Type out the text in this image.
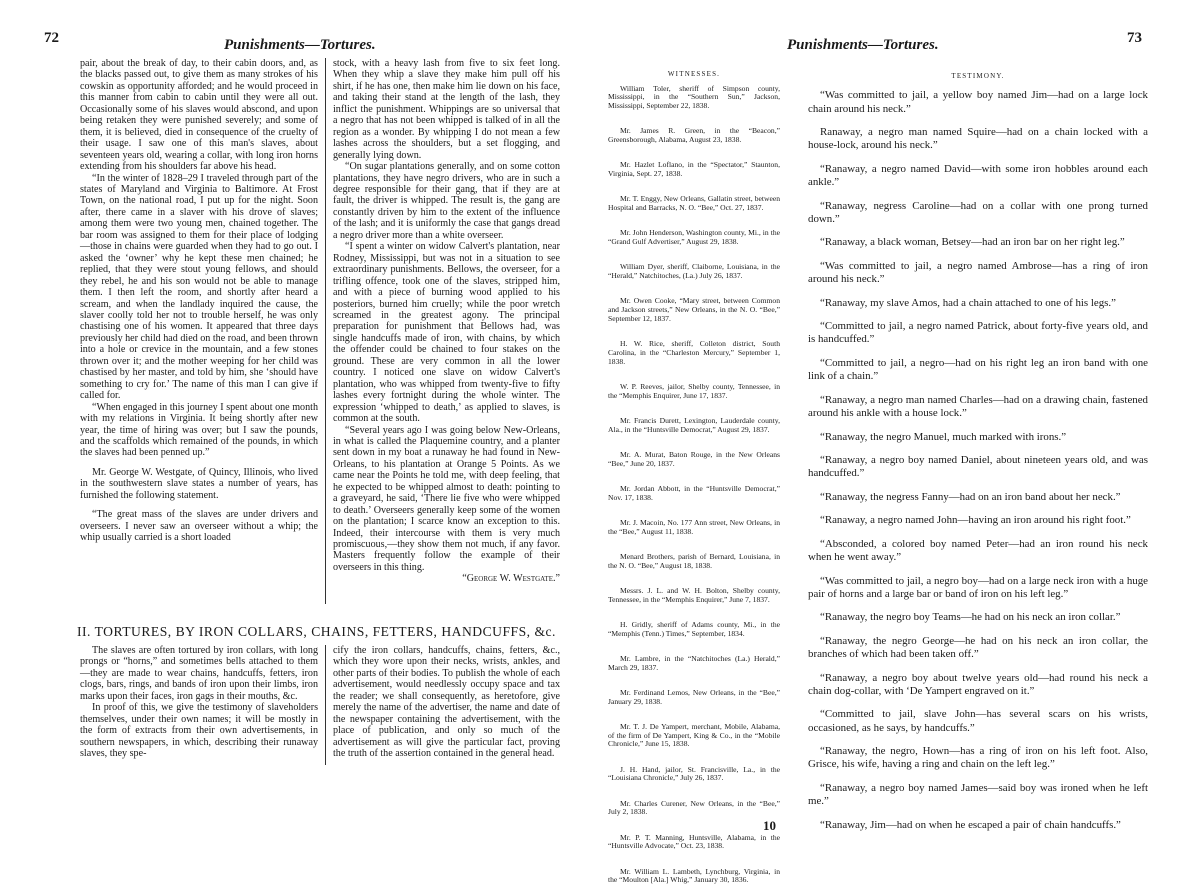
72	Punishments—Tortures.

pair, about the break of day, to their cabin doors, and, as the blacks passed out, to give them as many strokes of his cowskin as opportunity afforded; and he would proceed in this manner from cabin to cabin until they were all out. Occasionally some of his slaves would abscond, and upon being retaken they were punished severely; and some of them, it is believed, died in consequence of the cruelty of their usage. I saw one of this man's slaves, about seventeen years old, wearing a collar, with long iron horns extending from his shoulders far above his head.

“In the winter of 1828–29 I traveled through part of the states of Maryland and Virginia to Baltimore. At Frost Town, on the national road, I put up for the night. Soon after, there came in a slaver with his drove of slaves; among them were two young men, chained together. The bar room was assigned to them for their place of lodging—those in chains were guarded when they had to go out. I asked the ‘owner’ why he kept these men chained; he replied, that they were stout young fellows, and should they rebel, he and his son would not be able to manage them. I then left the room, and shortly after heard a scream, and when the landlady inquired the cause, the slaver coolly told her not to trouble herself, he was only chastising one of his women. It appeared that three days previously her child had died on the road, and been thrown into a hole or crevice in the mountain, and a few stones thrown over it; and the mother weeping for her child was chastised by her master, and told by him, she ‘should have something to cry for.’ The name of this man I can give if called for.

“When engaged in this journey I spent about one month with my relations in Virginia. It being shortly after new year, the time of hiring was over; but I saw the pounds, and the scaffolds which remained of the pounds, in which the slaves had been penned up.”

Mr. George W. Westgate, of Quincy, Illinois, who lived in the southwestern slave states a number of years, has furnished the following statement.

“The great mass of the slaves are under drivers and overseers. I never saw an overseer without a whip; the whip usually carried is a short loaded

stock, with a heavy lash from five to six feet long. When they whip a slave they make him pull off his shirt, if he has one, then make him lie down on his face, and taking their stand at the length of the lash, they inflict the punishment. Whippings are so universal that a negro that has not been whipped is talked of in all the region as a wonder. By whipping I do not mean a few lashes across the shoulders, but a set flogging, and generally lying down.

“On sugar plantations generally, and on some cotton plantations, they have negro drivers, who are in such a degree responsible for their gang, that if they are at fault, the driver is whipped. The result is, the gang are constantly driven by him to the extent of the influence of the lash; and it is uniformly the case that gangs dread a negro driver more than a white overseer.

“I spent a winter on widow Calvert's plantation, near Rodney, Mississippi, but was not in a situation to see extraordinary punishments. Bellows, the overseer, for a trifling offence, took one of the slaves, stripped him, and with a piece of burning wood applied to his posteriors, burned him cruelly; while the poor wretch screamed in the greatest agony. The principal preparation for punishment that Bellows had, was single handcuffs made of iron, with chains, by which the offender could be chained to four stakes on the ground. These are very common in all the lower country. I noticed one slave on widow Calvert's plantation, who was whipped from twenty-five to fifty lashes every fortnight during the whole winter. The expression ‘whipped to death,’ as applied to slaves, is common at the south.

“Several years ago I was going below New-Orleans, in what is called the Plaquemine country, and a planter sent down in my boat a runaway he had found in New-Orleans, to his plantation at Orange 5 Points. As we came near the Points he told me, with deep feeling, that he expected to be whipped almost to death: pointing to a graveyard, he said, ‘There lie five who were whipped to death.’ Overseers generally keep some of the women on the plantation; I scarce know an exception to this. Indeed, their intercourse with them is very much promiscuous,—they show them not much, if any favor. Masters frequently follow the example of their overseers in this thing.

“George W. Westgate.”

II. TORTURES, BY IRON COLLARS, CHAINS, FETTERS, HANDCUFFS, &c.

The slaves are often tortured by iron collars, with long prongs or “horns,” and sometimes bells attached to them—they are made to wear chains, handcuffs, fetters, iron clogs, bars, rings, and bands of iron upon their limbs, iron marks upon their faces, iron gags in their mouths, &c.

In proof of this, we give the testimony of slaveholders themselves, under their own names; it will be mostly in the form of extracts from their own advertisements, in southern newspapers, in which, describing their runaway slaves, they spe-

cify the iron collars, handcuffs, chains, fetters, &c., which they wore upon their necks, wrists, ankles, and other parts of their bodies. To publish the whole of each advertisement, would needlessly occupy space and tax the reader; we shall consequently, as heretofore, give merely the name of the advertiser, the name and date of the newspaper containing the advertisement, with the place of publication, and only so much of the advertisement as will give the particular fact, proving the truth of the assertion contained in the general head.

Punishments—Tortures.	73
WITNESSES.

William Toler, sheriff of Simpson county, Mississippi, in the “Southern Sun,” Jackson, Mississippi, September 22, 1838.

Mr. James R. Green, in the “Beacon,” Greensborough, Alabama, August 23, 1838.

Mr. Hazlet Loflano, in the “Spectator,” Staunton, Virginia, Sept. 27, 1838.

Mr. T. Enggy, New Orleans, Gallatin street, between Hospital and Barracks, N. O. “Bee,” Oct. 27, 1837.

Mr. John Henderson, Washington county, Mi., in the “Grand Gulf Advertiser,” August 29, 1838.

William Dyer, sheriff, Claiborne, Louisiana, in the “Herald,” Natchitoches, (La.) July 26, 1837.

Mr. Owen Cooke, “Mary street, between Common and Jackson streets,” New Orleans, in the N. O. “Bee,” September 12, 1837.

H. W. Rice, sheriff, Colleton district, South Carolina, in the “Charleston Mercury,” September 1, 1838.

W. P. Reeves, jailor, Shelby county, Tennessee, in the “Memphis Enquirer, June 17, 1837.

Mr. Francis Durett, Lexington, Lauderdale county, Ala., in the “Huntsville Democrat,” August 29, 1837.

Mr. A. Murat, Baton Rouge, in the New Orleans “Bee,” June 20, 1837.

Mr. Jordan Abbott, in the “Huntsville Democrat,” Nov. 17, 1838.

Mr. J. Macoin, No. 177 Ann street, New Orleans, in the “Bee,” August 11, 1838.

Menard Brothers, parish of Bernard, Louisiana, in the N. O. “Bee,” August 18, 1838.

Messrs. J. L. and W. H. Bolton, Shelby county, Tennessee, in the “Memphis Enquirer,” June 7, 1837.

H. Gridly, sheriff of Adams county, Mi., in the “Memphis (Tenn.) Times,” September, 1834.

Mr. Lambre, in the “Natchitoches (La.) Herald,” March 29, 1837.

Mr. Ferdinand Lemos, New Orleans, in the “Bee,” January 29, 1838.

Mr. T. J. De Yampert, merchant, Mobile, Alabama, of the firm of De Yampert, King & Co., in the “Mobile Chronicle,” June 15, 1838.

J. H. Hand, jailor, St. Francisville, La., in the “Louisiana Chronicle,” July 26, 1837.

Mr. Charles Curener, New Orleans, in the “Bee,” July 2, 1838.

Mr. P. T. Manning, Huntsville, Alabama, in the “Huntsville Advocate,” Oct. 23, 1838.

Mr. William L. Lambeth, Lynchburg, Virginia, in the “Moulton [Ala.] Whig,” January 30, 1836.

TESTIMONY.

“Was committed to jail, a yellow boy named Jim—had on a large lock chain around his neck.”

Ranaway, a negro man named Squire—had on a chain locked with a house-lock, around his neck.”

“Ranaway, a negro named David—with some iron hobbles around each ankle.”

“Ranaway, negress Caroline—had on a collar with one prong turned down.”

“Ranaway, a black woman, Betsey—had an iron bar on her right leg.”

“Was committed to jail, a negro named Ambrose—has a ring of iron around his neck.”

“Ranaway, my slave Amos, had a chain attached to one of his legs.”

“Committed to jail, a negro named Patrick, about forty-five years old, and is handcuffed.”

“Committed to jail, a negro—had on his right leg an iron band with one link of a chain.”

“Ranaway, a negro man named Charles—had on a drawing chain, fastened around his ankle with a house lock.”

“Ranaway, the negro Manuel, much marked with irons.”

“Ranaway, a negro boy named Daniel, about nineteen years old, and was handcuffed.”

“Ranaway, the negress Fanny—had on an iron band about her neck.”

“Ranaway, a negro named John—having an iron around his right foot.”

“Absconded, a colored boy named Peter—had an iron round his neck when he went away.”

“Was committed to jail, a negro boy—had on a large neck iron with a huge pair of horns and a large bar or band of iron on his left leg.”

“Ranaway, the negro boy Teams—he had on his neck an iron collar.”

“Ranaway, the negro George—he had on his neck an iron collar, the branches of which had been taken off.”

“Ranaway, a negro boy about twelve years old—had round his neck a chain dog-collar, with ‘De Yampert engraved on it.”

“Committed to jail, slave John—has several scars on his wrists, occasioned, as he says, by handcuffs.”

“Ranaway, the negro, Hown—has a ring of iron on his left foot. Also, Grisce, his wife, having a ring and chain on the left leg.”

“Ranaway, a negro boy named James—said boy was ironed when he left me.”

“Ranaway, Jim—had on when he escaped a pair of chain handcuffs.”

10
